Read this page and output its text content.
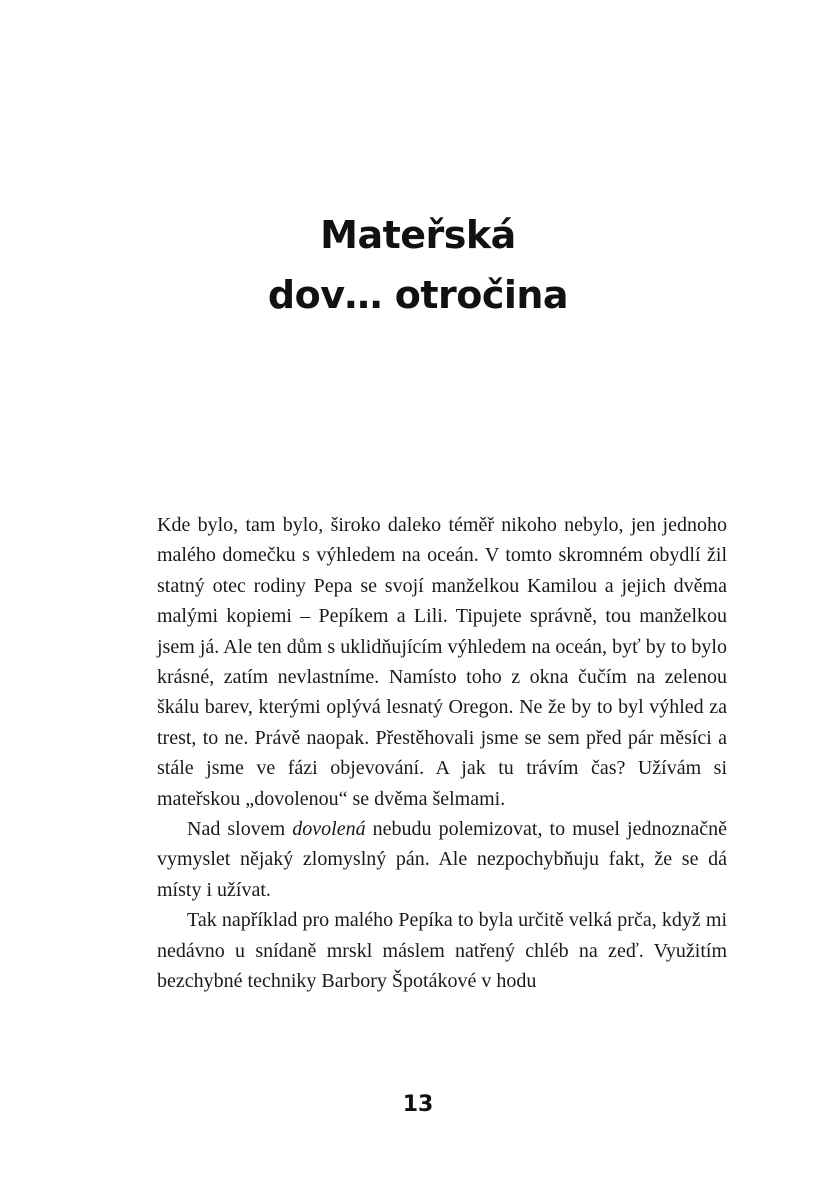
Mateřská
dov… otročina

Kde bylo, tam bylo, široko daleko téměř nikoho nebylo, jen jednoho malého domečku s výhledem na oceán. V tomto skromném obydlí žil statný otec rodiny Pepa se svojí manželkou Kamilou a jejich dvěma malými kopiemi – Pepíkem a Lili. Tipujete správně, tou manželkou jsem já. Ale ten dům s uklidňujícím výhledem na oceán, byť by to bylo krásné, zatím nevlastníme. Namísto toho z okna čučím na zelenou škálu barev, kterými oplývá lesnatý Oregon. Ne že by to byl výhled za trest, to ne. Právě naopak. Přestěhovali jsme se sem před pár měsíci a stále jsme ve fázi objevování. A jak tu trávím čas? Užívám si mateřskou „dovolenou“ se dvěma šelmami.

Nad slovem dovolená nebudu polemizovat, to musel jednoznačně vymyslet nějaký zlomyslný pán. Ale nezpochybňuju fakt, že se dá místy i užívat.

Tak například pro malého Pepíka to byla určitě velká prča, když mi nedávno u snídaně mrskl máslem natřený chléb na zeď. Využitím bezchybné techniky Barbory Špotákové v hodu

13
